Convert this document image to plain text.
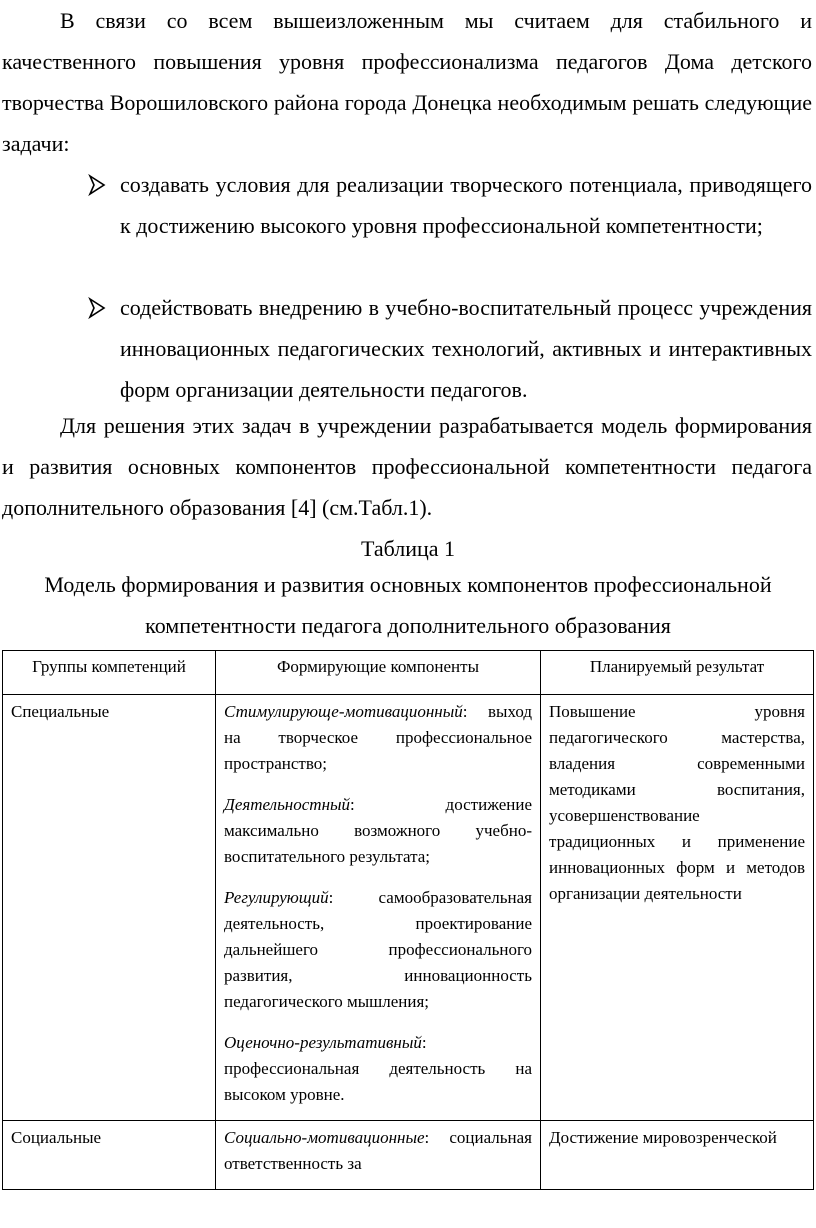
В связи со всем вышеизложенным мы считаем для стабильного и качественного повышения уровня профессионализма педагогов Дома детского творчества Ворошиловского района города Донецка необходимым решать следующие задачи:

создавать условия для реализации творческого потенциала, приводящего к достижению высокого уровня профессиональной компетентности;
содействовать внедрению в учебно-воспитательный процесс учреждения инновационных педагогических технологий, активных и интерактивных форм организации деятельности педагогов.

Для решения этих задач в учреждении разрабатывается модель формирования и развития основных компонентов профессиональной компетентности педагога дополнительного образования [4] (см.Табл.1).

Таблица 1

Модель формирования и развития основных компонентов профессиональной компетентности педагога дополнительного образования

Группы компетенций	Формирующие компоненты	Планируемый результат
Специальные	Стимулирующе-мотивационный: выход на творческое профессиональное пространство;

Деятельностный: достижение максимально возможного учебно-воспитательного результата;

Регулирующий: самообразовательная деятельность, проектирование дальнейшего профессионального развития, инновационность педагогического мышления;

Оценочно-результативный: профессиональная деятельность на высоком уровне.	Повышение уровня педагогического мастерства, владения современными методиками воспитания, усовершенствование традиционных и применение инновационных форм и методов организации деятельности
Социальные	Социально-мотивационные: социальная ответственность за	Достижение мировозренческой
